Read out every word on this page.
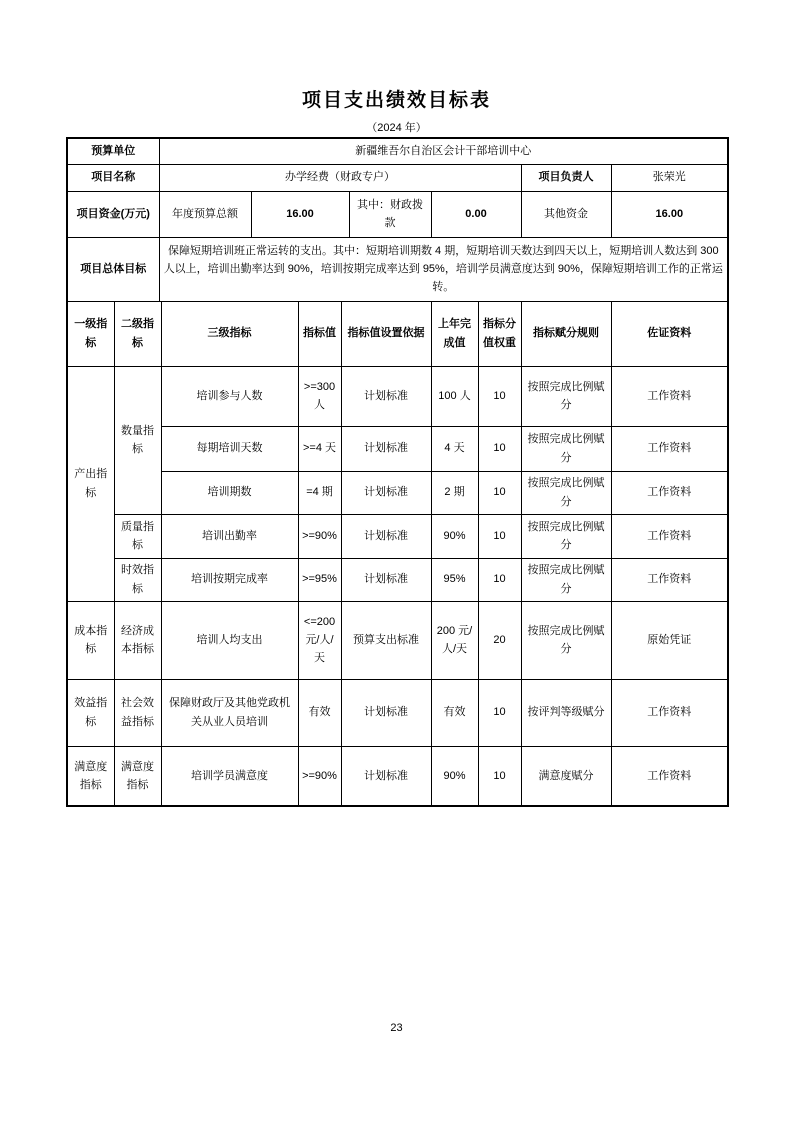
项目支出绩效目标表
（2024 年）
预算单位		新疆维吾尔自治区会计干部培训中心									
项目名称		办学经费（财政专户）								项目负责人	张荣光
项目资金(万元)		年度预算总额		16.00			其中：财政拨款	0.00		其他资金	16.00
项目总体目标		保障短期培训班正常运转的支出。其中：短期培训期数 4 期，短期培训天数达到四天以上，短期培训人数达到 300 人以上，培训出勤率达到 90%，培训按期完成率达到 95%，培训学员满意度达到 90%，保障短期培训工作的正常运转。									
一级指标	二级指标		三级指标		指标值	指标值设置依据		上年完成值	指标分值权重	指标赋分规则	佐证资料
产出指标	数量指标		培训参与人数		>=300 人	计划标准		100 人	10	按照完成比例赋分	工作资料
			每期培训天数		>=4 天	计划标准		4 天	10	按照完成比例赋分	工作资料
			培训期数		=4 期	计划标准		2 期	10	按照完成比例赋分	工作资料
	质量指标		培训出勤率		>=90%	计划标准		90%	10	按照完成比例赋分	工作资料
	时效指标		培训按期完成率		>=95%	计划标准		95%	10	按照完成比例赋分	工作资料
成本指标	经济成本指标		培训人均支出		<=200 元/人/天	预算支出标准		200 元/人/天	20	按照完成比例赋分	原始凭证
效益指标	社会效益指标		保障财政厅及其他党政机关从业人员培训		有效	计划标准		有效	10	按评判等级赋分	工作资料
满意度指标	满意度指标		培训学员满意度		>=90%	计划标准		90%	10	满意度赋分	工作资料
23
